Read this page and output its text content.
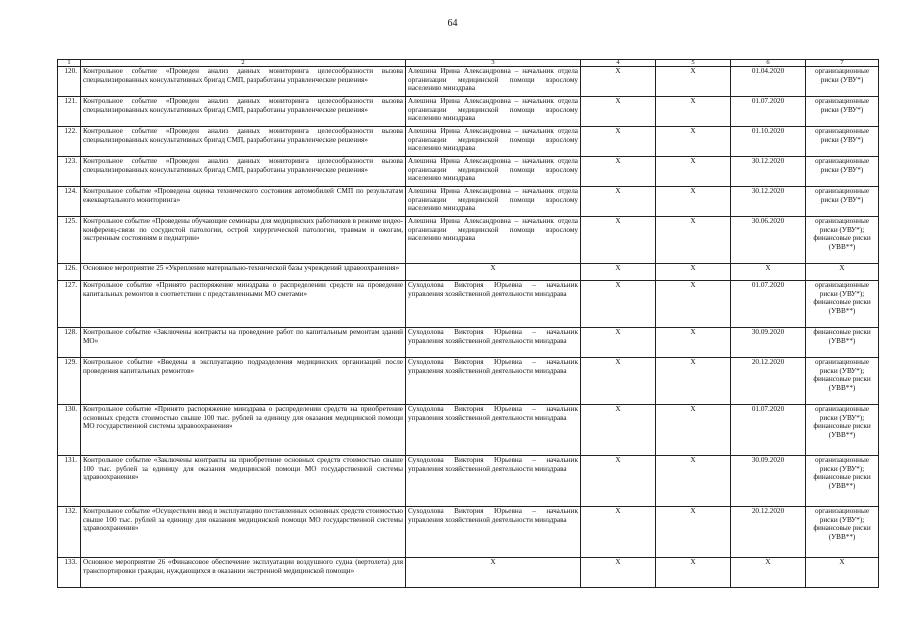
64
1	2	3	4	5	6	7
120.	Контрольное событие «Проведен анализ данных мониторинга целесообразности вызова специализированных консультативных бригад СМП, разработаны управленческие решения»	Алешина Ирина Александровна – начальник отдела организации медицинской помощи взрослому населению минздрава	X	X	01.04.2020	организационные риски (УВУ*)
121.	Контрольное событие «Проведен анализ данных мониторинга целесообразности вызова специализированных консультативных бригад СМП, разработаны управленческие решения»	Алешина Ирина Александровна – начальник отдела организации медицинской помощи взрослому населению минздрава	X	X	01.07.2020	организационные риски (УВУ*)
122.	Контрольное событие «Проведен анализ данных мониторинга целесообразности вызова специализированных консультативных бригад СМП, разработаны управленческие решения»	Алешина Ирина Александровна – начальник отдела организации медицинской помощи взрослому населению минздрава	X	X	01.10.2020	организационные риски (УВУ*)
123.	Контрольное событие «Проведен анализ данных мониторинга целесообразности вызова специализированных консультативных бригад СМП, разработаны управленческие решения»	Алешина Ирина Александровна – начальник отдела организации медицинской помощи взрослому населению минздрава	X	X	30.12.2020	организационные риски (УВУ*)
124.	Контрольное событие «Проведена оценка технического состояния автомобилей СМП по результатам ежеквартального мониторинга»	Алешина Ирина Александровна – начальник отдела организации медицинской помощи взрослому населению минздрава	X	X	30.12.2020	организационные риски (УВУ*)
125.	Контрольное событие «Проведены обучающие семинары для медицинских работников в режиме видео-конференц-связи по сосудистой патологии, острой хирургической патологии, травмам и ожогам, экстренным состояниям в педиатрии»	Алешина Ирина Александровна – начальник отдела организации медицинской помощи взрослому населению минздрава	X	X	30.06.2020	организационные риски (УВУ*); финансовые риски (УВВ**)
126.	Основное мероприятие 25 «Укрепление материально-технической базы учреждений здравоохранения»	X	X	X	X	X
127.	Контрольное событие «Принято распоряжение минздрава о распределении средств на проведение капитальных ремонтов в соответствии с представленными МО сметами»	Суходолова Виктория Юрьевна – начальник управления хозяйственной деятельности минздрава	X	X	01.07.2020	организационные риски (УВУ*); финансовые риски (УВВ**)
128.	Контрольное событие «Заключены контракты на проведение работ по капитальным ремонтам зданий МО»	Суходолова Виктория Юрьевна – начальник управления хозяйственной деятельности минздрава	X	X	30.09.2020	финансовые риски (УВВ**)
129.	Контрольное событие «Введены в эксплуатацию подразделения медицинских организаций после проведения капитальных ремонтов»	Суходолова Виктория Юрьевна – начальник управления хозяйственной деятельности минздрава	X	X	20.12.2020	организационные риски (УВУ*); финансовые риски (УВВ**)
130.	Контрольное событие «Принято распоряжение минздрава о распределении средств на приобретение основных средств стоимостью свыше 100 тыс. рублей за единицу для оказания медицинской помощи МО государственной системы здравоохранения»	Суходолова Виктория Юрьевна – начальник управления хозяйственной деятельности минздрава	X	X	01.07.2020	организационные риски (УВУ*); финансовые риски (УВВ**)
131.	Контрольное событие «Заключены контракты на приобретение основных средств стоимостью свыше 100 тыс. рублей за единицу для оказания медицинской помощи МО государственной системы здравоохранения»	Суходолова Виктория Юрьевна – начальник управления хозяйственной деятельности минздрава	X	X	30.09.2020	организационные риски (УВУ*); финансовые риски (УВВ**)
132.	Контрольное событие «Осуществлен ввод в эксплуатацию поставленных основных средств стоимостью свыше 100 тыс. рублей за единицу для оказания медицинской помощи МО государственной системы здравоохранения»	Суходолова Виктория Юрьевна – начальник управления хозяйственной деятельности минздрава	X	X	20.12.2020	организационные риски (УВУ*); финансовые риски (УВВ**)
133.	Основное мероприятие 26 «Финансовое обеспечение эксплуатации воздушного судна (вертолета) для транспортировки граждан, нуждающихся в оказании экстренной медицинской помощи»	X	X	X	X	X
